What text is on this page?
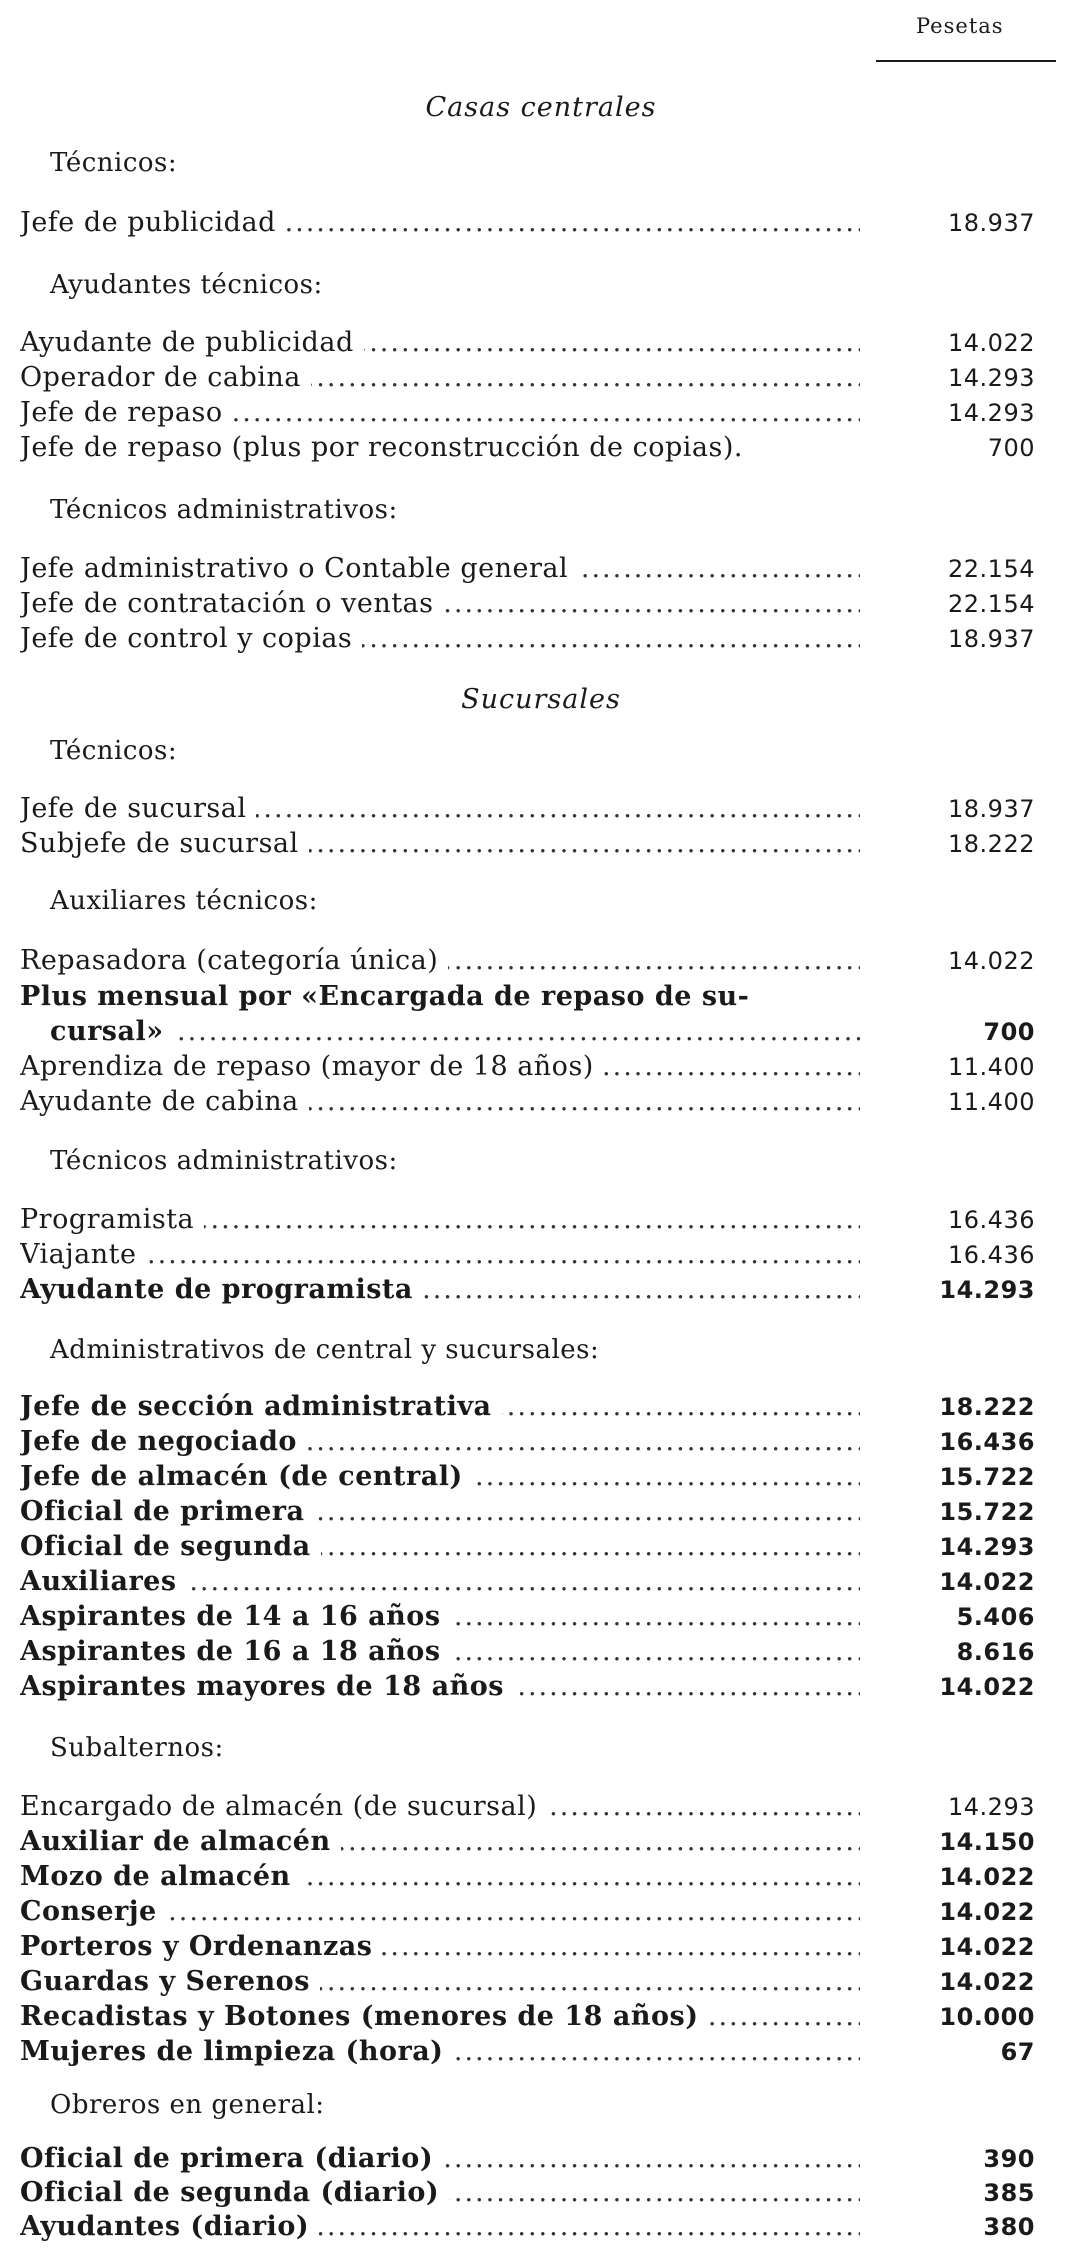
Pesetas
Casas centrales
Técnicos:
Jefe de publicidad .....	18.937
Ayudantes técnicos:
Ayudante de publicidad .....	14.022
Operador de cabina .....	14.293
Jefe de repaso .....	14.293
Jefe de repaso (plus por reconstrucción de copias).	700
Técnicos administrativos:
Jefe administrativo o Contable general .....	22.154
Jefe de contratación o ventas .....	22.154
Jefe de control y copias .....	18.937
Sucursales
Técnicos:
Jefe de sucursal .....	18.937
Subjefe de sucursal .....	18.222
Auxiliares técnicos:
Repasadora (categoría única) .....	14.022
Plus mensual por «Encargada de repaso de su-
cursal» .....	700
Aprendiza de repaso (mayor de 18 años) .....	11.400
Ayudante de cabina .....	11.400
Técnicos administrativos:
Programista .....	16.436
Viajante .....	16.436
Ayudante de programista .....	14.293
Administrativos de central y sucursales:
Jefe de sección administrativa .....	18.222
Jefe de negociado .....	16.436
Jefe de almacén (de central) .....	15.722
Oficial de primera .....	15.722
Oficial de segunda .....	14.293
Auxiliares .....	14.022
Aspirantes de 14 a 16 años .....	5.406
Aspirantes de 16 a 18 años .....	8.616
Aspirantes mayores de 18 años .....	14.022
Subalternos:
Encargado de almacén (de sucursal) .....	14.293
Auxiliar de almacén .....	14.150
Mozo de almacén .....	14.022
Conserje .....	14.022
Porteros y Ordenanzas .....	14.022
Guardas y Serenos .....	14.022
Recadistas y Botones (menores de 18 años) .....	10.000
Mujeres de limpieza (hora) .....	67
Obreros en general:
Oficial de primera (diario) .....	390
Oficial de segunda (diario) .....	385
Ayudantes (diario) .....	380
